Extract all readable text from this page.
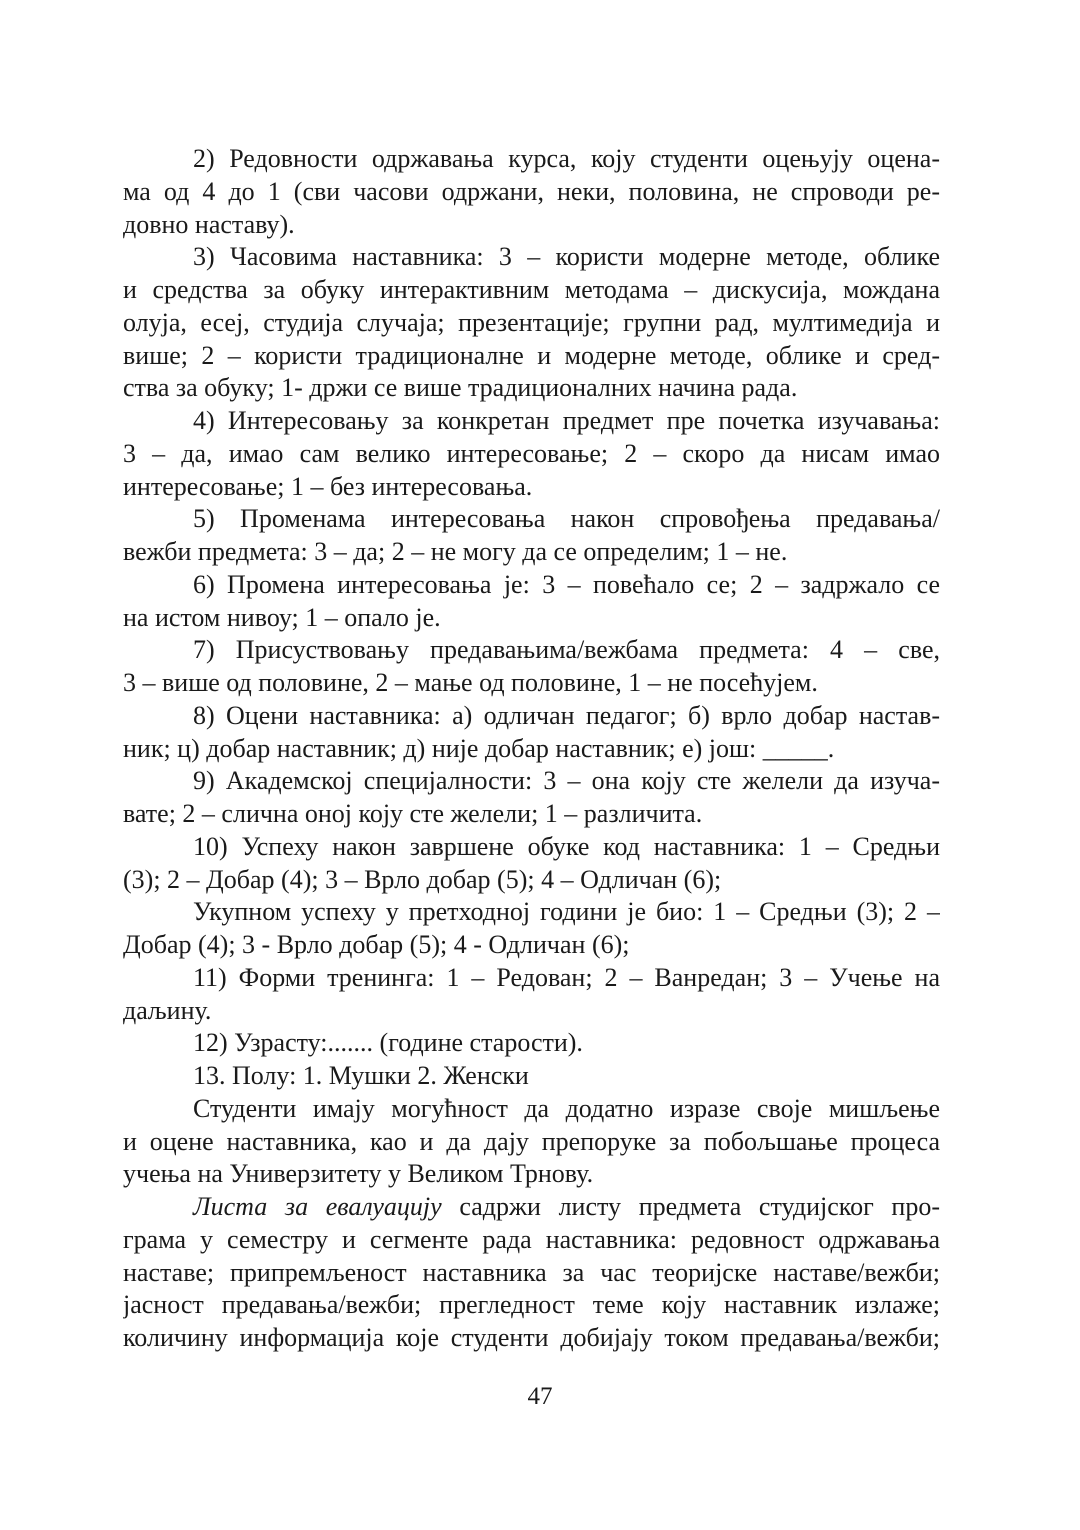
2) Редовности одржавања курса, коју студенти оцењују оцена-
ма од 4 до 1 (сви часови одржани, неки, половина, не спроводи ре-
довно наставу).
3) Часовима наставника: 3 – користи модерне методе, облике
и средства за обуку интерактивним методама – дискусија, мождана
олуја, есеј, студија случаја; презентације; групни рад, мултимедија и
више; 2 – користи традиционалне и модерне методе, облике и сред-
ства за обуку; 1- држи се више традиционалних начина рада.
4) Интересовању за конкретан предмет пре почетка изучавања:
3 – да, имао сам велико интересовање; 2 – скоро да нисам имао
интересовање; 1 – без интересовања.
5) Променама интересовања након спровођења предавања/
вежби предмета: 3 – да; 2 – не могу да се определим; 1 – не.
6) Промена интересовања је: 3 – повећало се; 2 – задржало се
на истом нивоу; 1 – опало је.
7) Присуствовању предавањима/вежбама предмета: 4 – све,
3 – више од половине, 2 – мање од половине, 1 – не посећујем.
8) Оцени наставника: а) одличан педагог; б) врло добар настав-
ник; ц) добар наставник; д) није добар наставник; е) још: _____.
9) Академској специјалности: 3 – она коју сте желели да изуча-
вате; 2 – слична оној коју сте желели; 1 – различита.
10) Успеху након завршене обуке код наставника: 1 – Средњи
(3); 2 – Добар (4); 3 – Врло добар (5); 4 – Одличан (6);
Укупном успеху у претходној години је био: 1 – Средњи (3); 2 –
Добар (4); 3 - Врло добар (5); 4 - Одличан (6);
11) Форми тренинга: 1 – Редован; 2 – Ванредан; 3 – Учење на
даљину.
12) Узрасту:....... (године старости).
13. Полу: 1. Мушки 2. Женски
Студенти имају могућност да додатно изразе своје мишљење
и оцене наставника, као и да дају препоруке за побољшање процеса
учења на Универзитету у Великом Трнову.
Листа за евалуацију садржи листу предмета студијског про-
грама у семестру и сегменте рада наставника: редовност одржавања
наставе; припремљеност наставника за час теоријске наставе/вежби;
јасност предавања/вежби; прегледност теме коју наставник излаже;
количину информација које студенти добијају током предавања/вежби;
47
